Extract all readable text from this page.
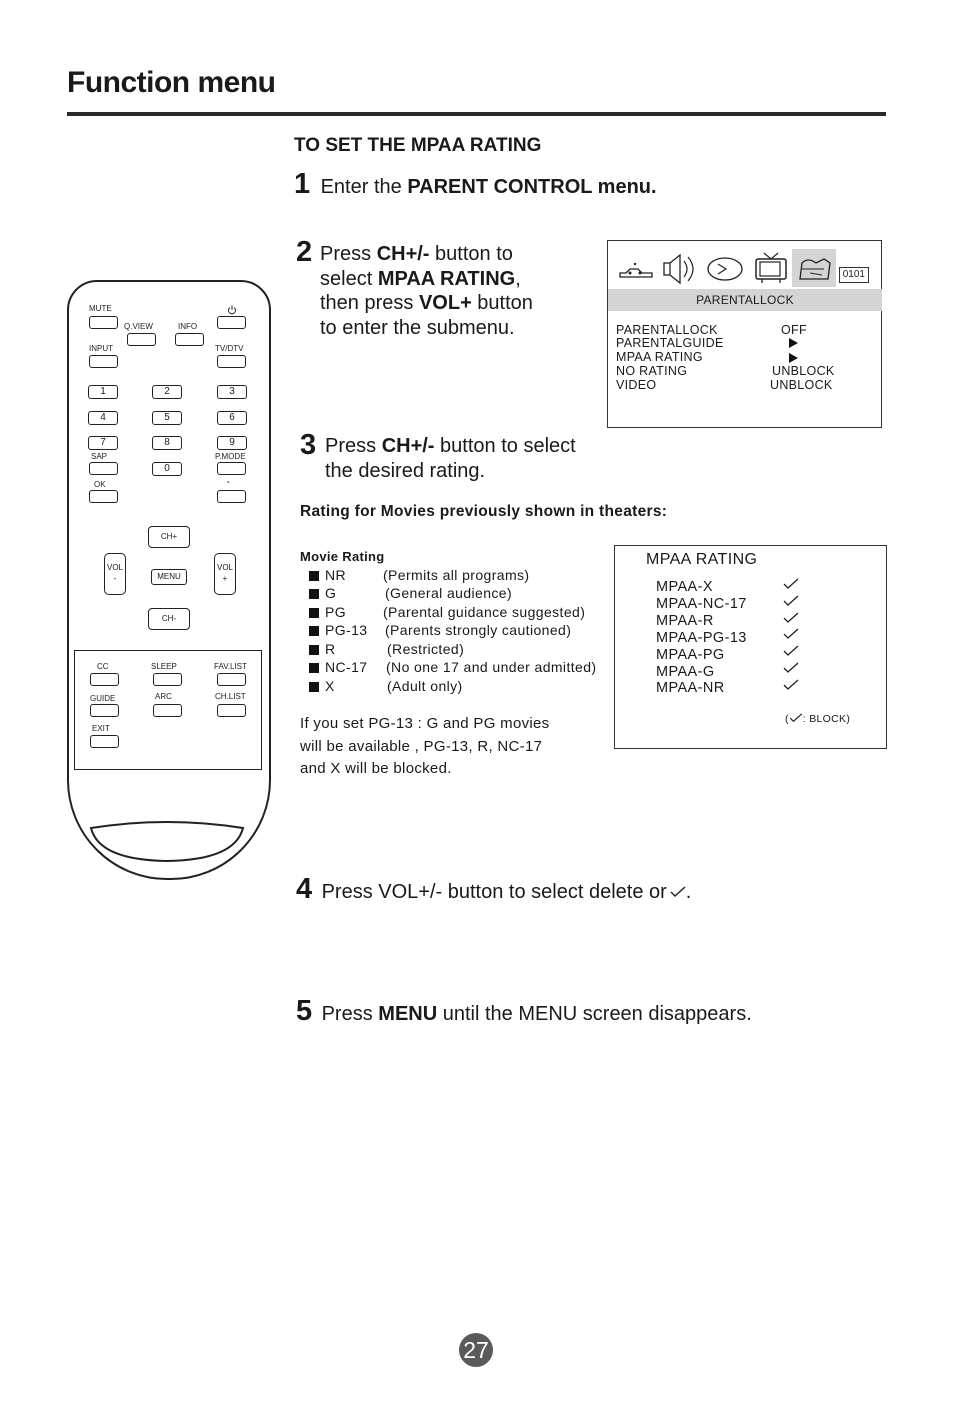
Function menu
TO SET THE MPAA RATING
1 Enter the PARENT CONTROL menu.
2 Press CH+/- button to
select MPAA RATING,
then press VOL+ button
to enter the submenu.
0101
PARENTALLOCK
PARENTALLOCK	OFF
PARENTALGUIDE
MPAA RATING
NO RATING	UNBLOCK
VIDEO	UNBLOCK
MUTE
Q.VIEW	INFO
INPUT	TV/DTV
1	2	3
4	5	6
7	8	9
SAP	P.MODE
0
OK	-
CH+
VOL
-	MENU
VOL
+
CH-
CC	SLEEP	FAV.LIST
GUIDE	ARC	CH.LIST
EXIT
3 Press CH+/- button to select
the desired rating.
Rating for Movies previously shown in theaters:
Movie Rating
NR	(Permits all programs)
G	(General audience)
PG	(Parental guidance suggested)
PG-13 (Parents strongly cautioned)
R	(Restricted)
NC-17 (No one 17 and under admitted)
X	(Adult only)
If you set PG-13 : G and PG movies
will be available , PG-13, R, NC-17
and X will be blocked.
MPAA RATING
MPAA-X
MPAA-NC-17
MPAA-R
MPAA-PG-13
MPAA-PG
MPAA-G
MPAA-NR
( : BLOCK)
4 Press VOL+/- button to select delete or .
5 Press MENU until the MENU screen disappears.
27
